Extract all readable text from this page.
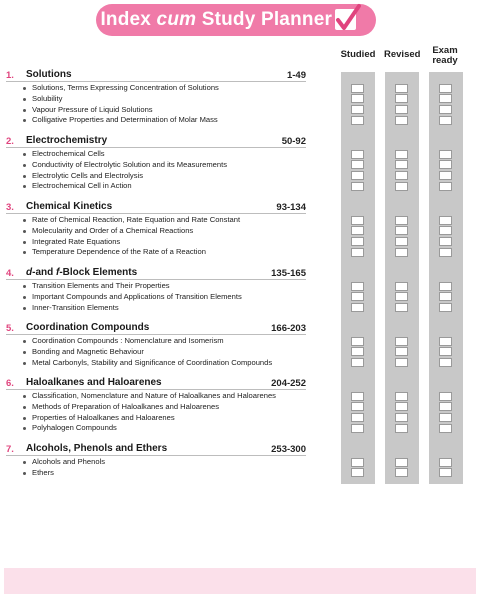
Index cum Study Planner
Studied Revised	Exam ready
1. Solutions	1-49
Solutions, Terms Expressing Concentration of Solutions
Solubility
Vapour Pressure of Liquid Solutions
Colligative Properties and Determination of Molar Mass
2. Electrochemistry	50-92
Electrochemical Cells
Conductivity of Electrolytic Solution and its Measurements
Electrolytic Cells and Electrolysis
Electrochemical Cell in Action
3. Chemical Kinetics	93-134
Rate of Chemical Reaction, Rate Equation and Rate Constant
Molecularity and Order of a Chemical Reactions
Integrated Rate Equations
Temperature Dependence of the Rate of a Reaction
4. d-and f-Block Elements	135-165
Transition Elements and Their Properties
Important Compounds and Applications of Transition Elements
Inner-Transition Elements
5. Coordination Compounds	166-203
Coordination Compounds : Nomenclature and Isomerism
Bonding and Magnetic Behaviour
Metal Carbonyls, Stability and Significance of Coordination Compounds
6. Haloalkanes and Haloarenes	204-252
Classification, Nomenclature and Nature of Haloalkanes and Haloarenes
Methods of Preparation of Haloalkanes and Haloarenes
Properties of Haloalkanes and Haloarenes
Polyhalogen Compounds
7. Alcohols, Phenols and Ethers	253-300
Alcohols and Phenols
Ethers
